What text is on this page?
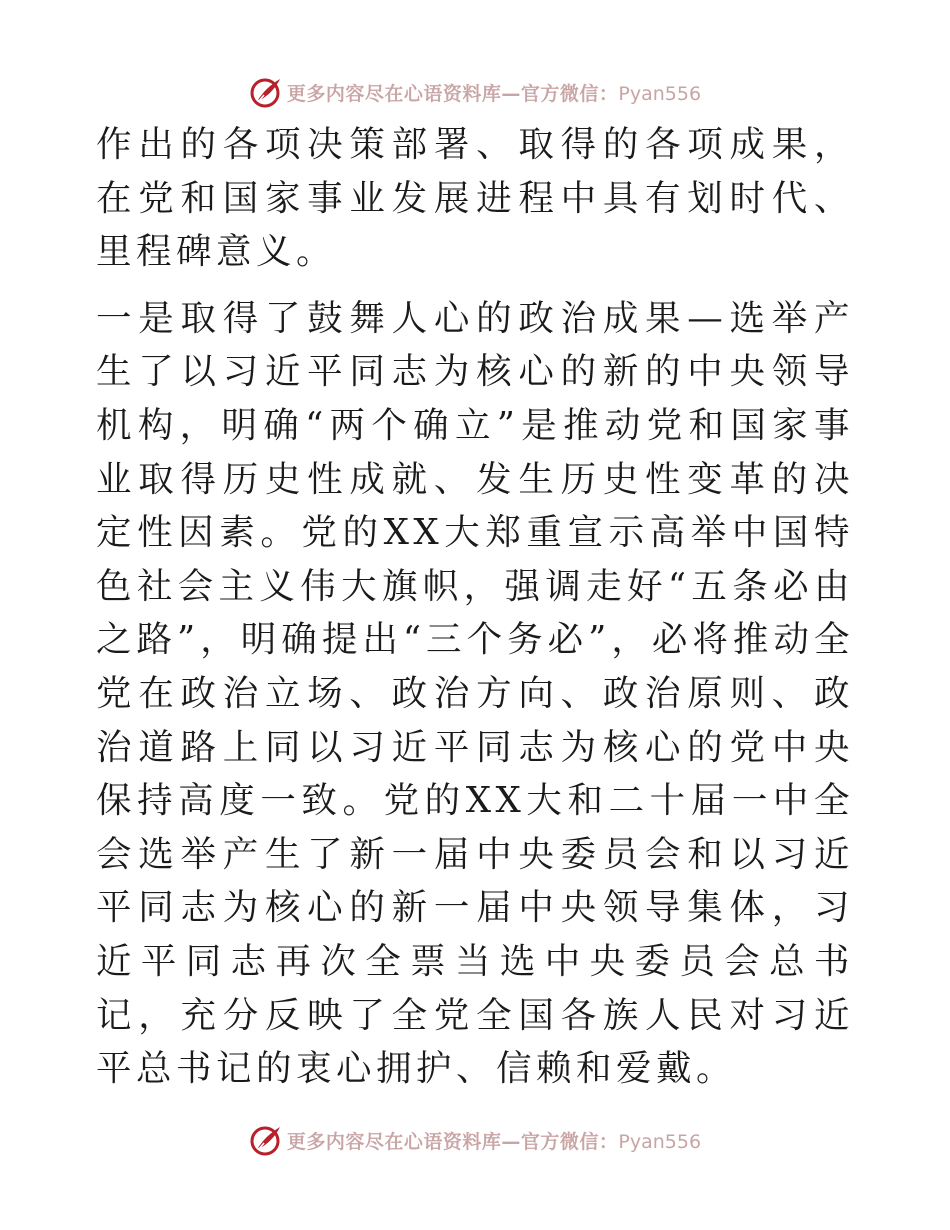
更多内容尽在心语资料库—官方微信：Pyan556

作出的各项决策部署、取得的各项成果，在党和国家事业发展进程中具有划时代、里程碑意义。

一是取得了鼓舞人心的政治成果—选举产生了以习近平同志为核心的新的中央领导机构，明确“两个确立”是推动党和国家事业取得历史性成就、发生历史性变革的决定性因素。党的XX大郑重宣示高举中国特色社会主义伟大旗帜，强调走好“五条必由之路”，明确提出“三个务必”，必将推动全党在政治立场、政治方向、政治原则、政治道路上同以习近平同志为核心的党中央保持高度一致。党的XX大和二十届一中全会选举产生了新一届中央委员会和以习近平同志为核心的新一届中央领导集体，习近平同志再次全票当选中央委员会总书记，充分反映了全党全国各族人民对习近平总书记的衷心拥护、信赖和爱戴。

更多内容尽在心语资料库—官方微信：Pyan556
